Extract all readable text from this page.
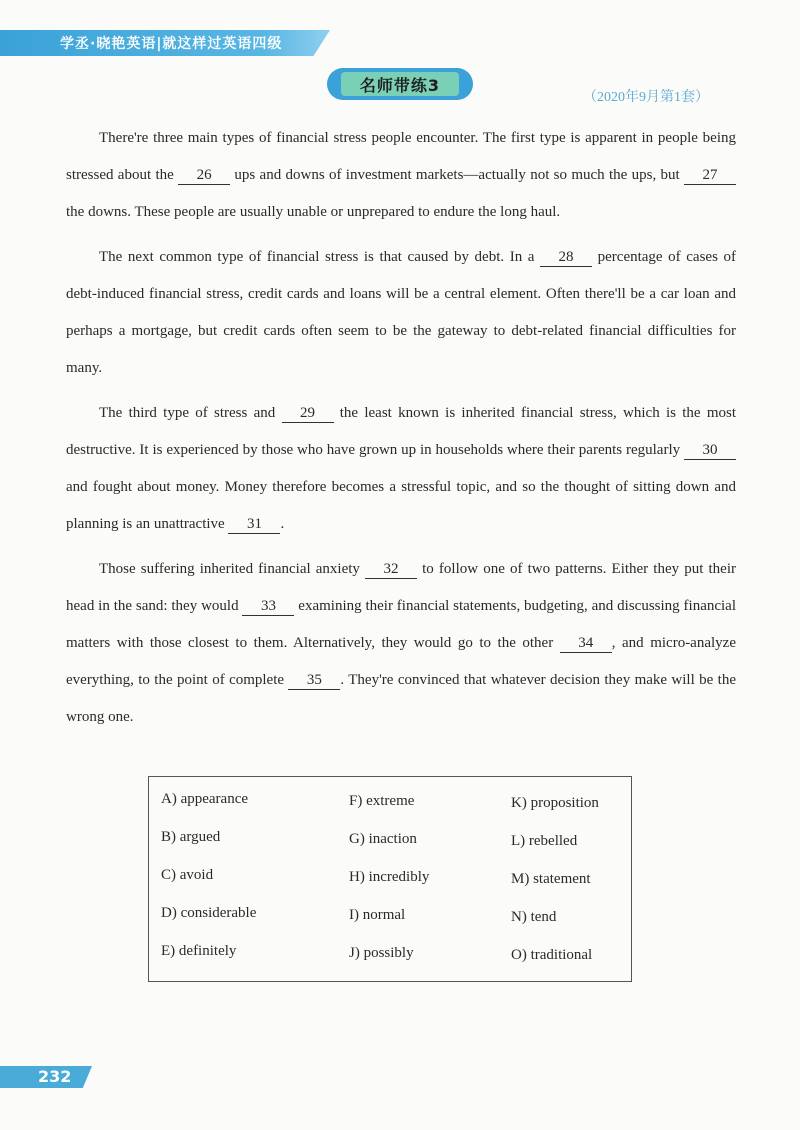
学丞·晓艳英语|就这样过英语四级
名师带练3
（2020年9月第1套）

There're three main types of financial stress people encounter. The first type is apparent in people being stressed about the 26 ups and downs of investment markets—actually not so much the ups, but 27 the downs. These people are usually unable or unprepared to endure the long haul.

The next common type of financial stress is that caused by debt. In a 28 percentage of cases of debt-induced financial stress, credit cards and loans will be a central element. Often there'll be a car loan and perhaps a mortgage, but credit cards often seem to be the gateway to debt-related financial difficulties for many.

The third type of stress and 29 the least known is inherited financial stress, which is the most destructive. It is experienced by those who have grown up in households where their parents regularly 30 and fought about money. Money therefore becomes a stressful topic, and so the thought of sitting down and planning is an unattractive 31 .

Those suffering inherited financial anxiety 32 to follow one of two patterns. Either they put their head in the sand: they would 33 examining their financial statements, budgeting, and discussing financial matters with those closest to them. Alternatively, they would go to the other 34 , and micro-analyze everything, to the point of complete 35 . They're convinced that whatever decision they make will be the wrong one.

A) appearance
B) argued
C) avoid
D) considerable
E) definitely
F) extreme
G) inaction
H) incredibly
I) normal
J) possibly
K) proposition
L) rebelled
M) statement
N) tend
O) traditional
232
